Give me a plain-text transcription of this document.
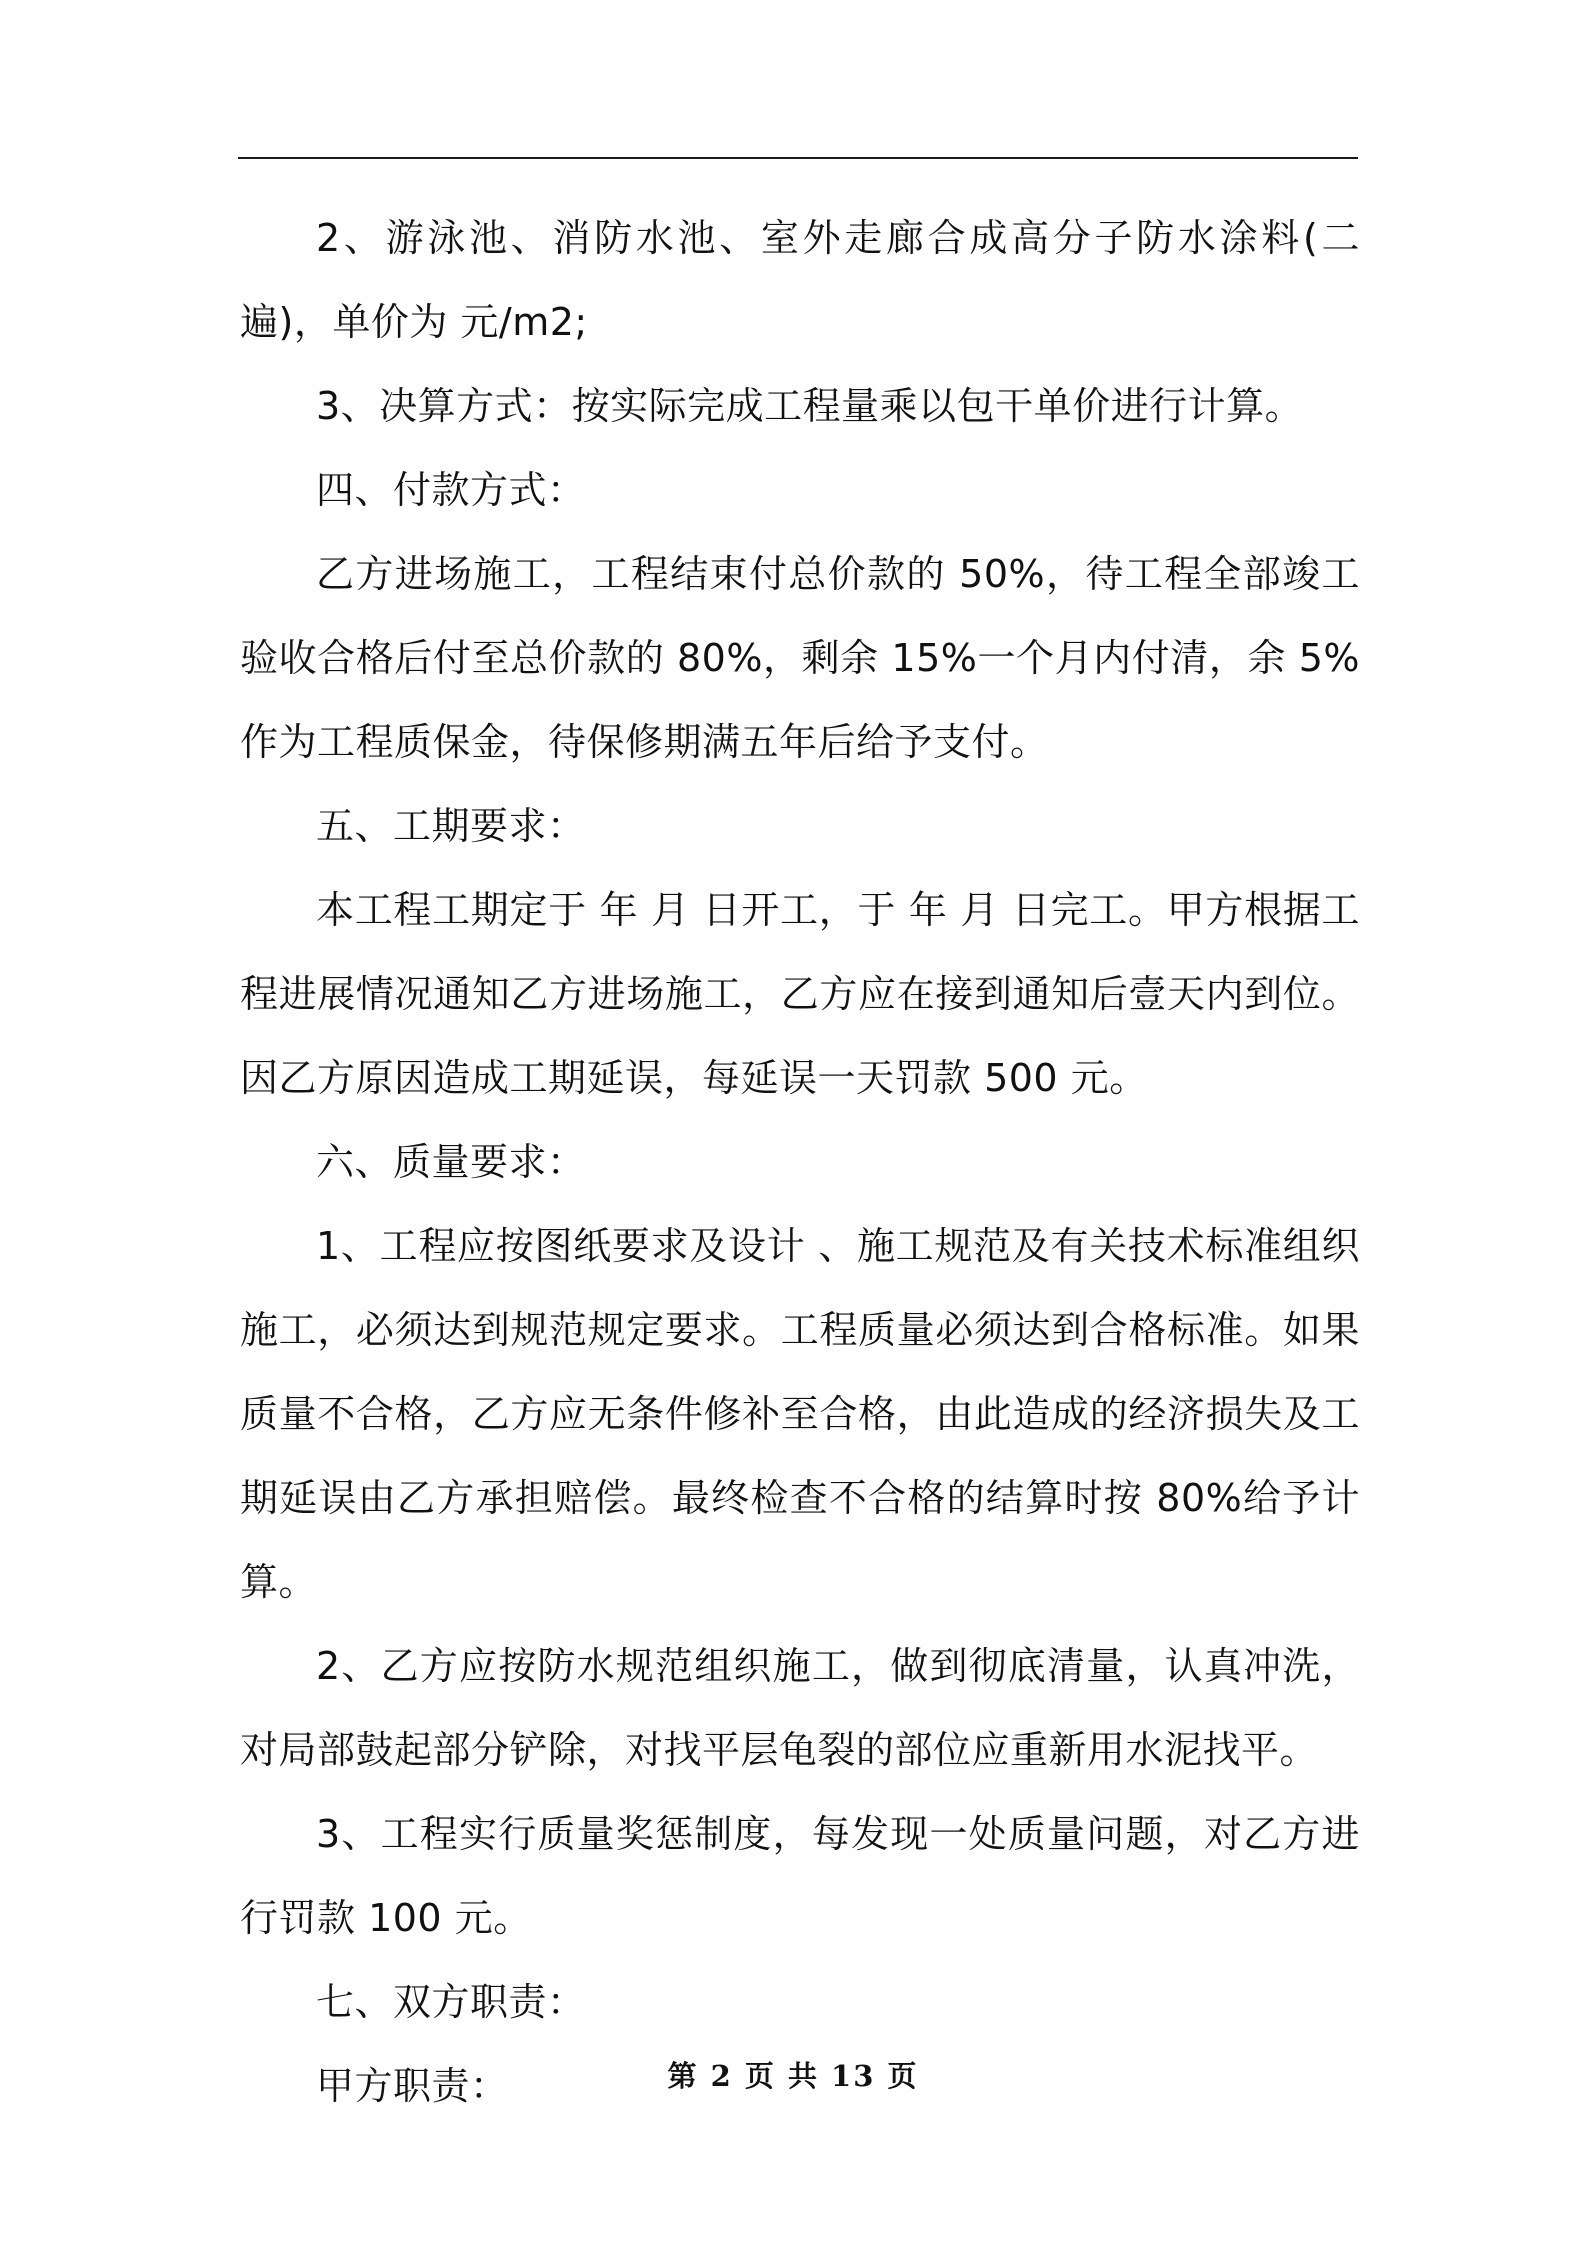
2、游泳池、消防水池、室外走廊合成高分子防水涂料(二遍)，单价为 元/m2;

3、决算方式：按实际完成工程量乘以包干单价进行计算。

四、付款方式：

乙方进场施工，工程结束付总价款的 50%，待工程全部竣工验收合格后付至总价款的 80%，剩余 15%一个月内付清，余 5%作为工程质保金，待保修期满五年后给予支付。

五、工期要求：

本工程工期定于 年 月 日开工，于 年 月 日完工。甲方根据工程进展情况通知乙方进场施工，乙方应在接到通知后壹天内到位。因乙方原因造成工期延误，每延误一天罚款 500 元。

六、质量要求：

1、工程应按图纸要求及设计 、施工规范及有关技术标准组织施工，必须达到规范规定要求。工程质量必须达到合格标准。如果质量不合格，乙方应无条件修补至合格，由此造成的经济损失及工期延误由乙方承担赔偿。最终检查不合格的结算时按 80%给予计算。

2、乙方应按防水规范组织施工，做到彻底清量，认真冲洗，对局部鼓起部分铲除，对找平层龟裂的部位应重新用水泥找平。

3、工程实行质量奖惩制度，每发现一处质量问题，对乙方进行罚款 100 元。

七、双方职责：

甲方职责：	第 2 页 共 13 页
